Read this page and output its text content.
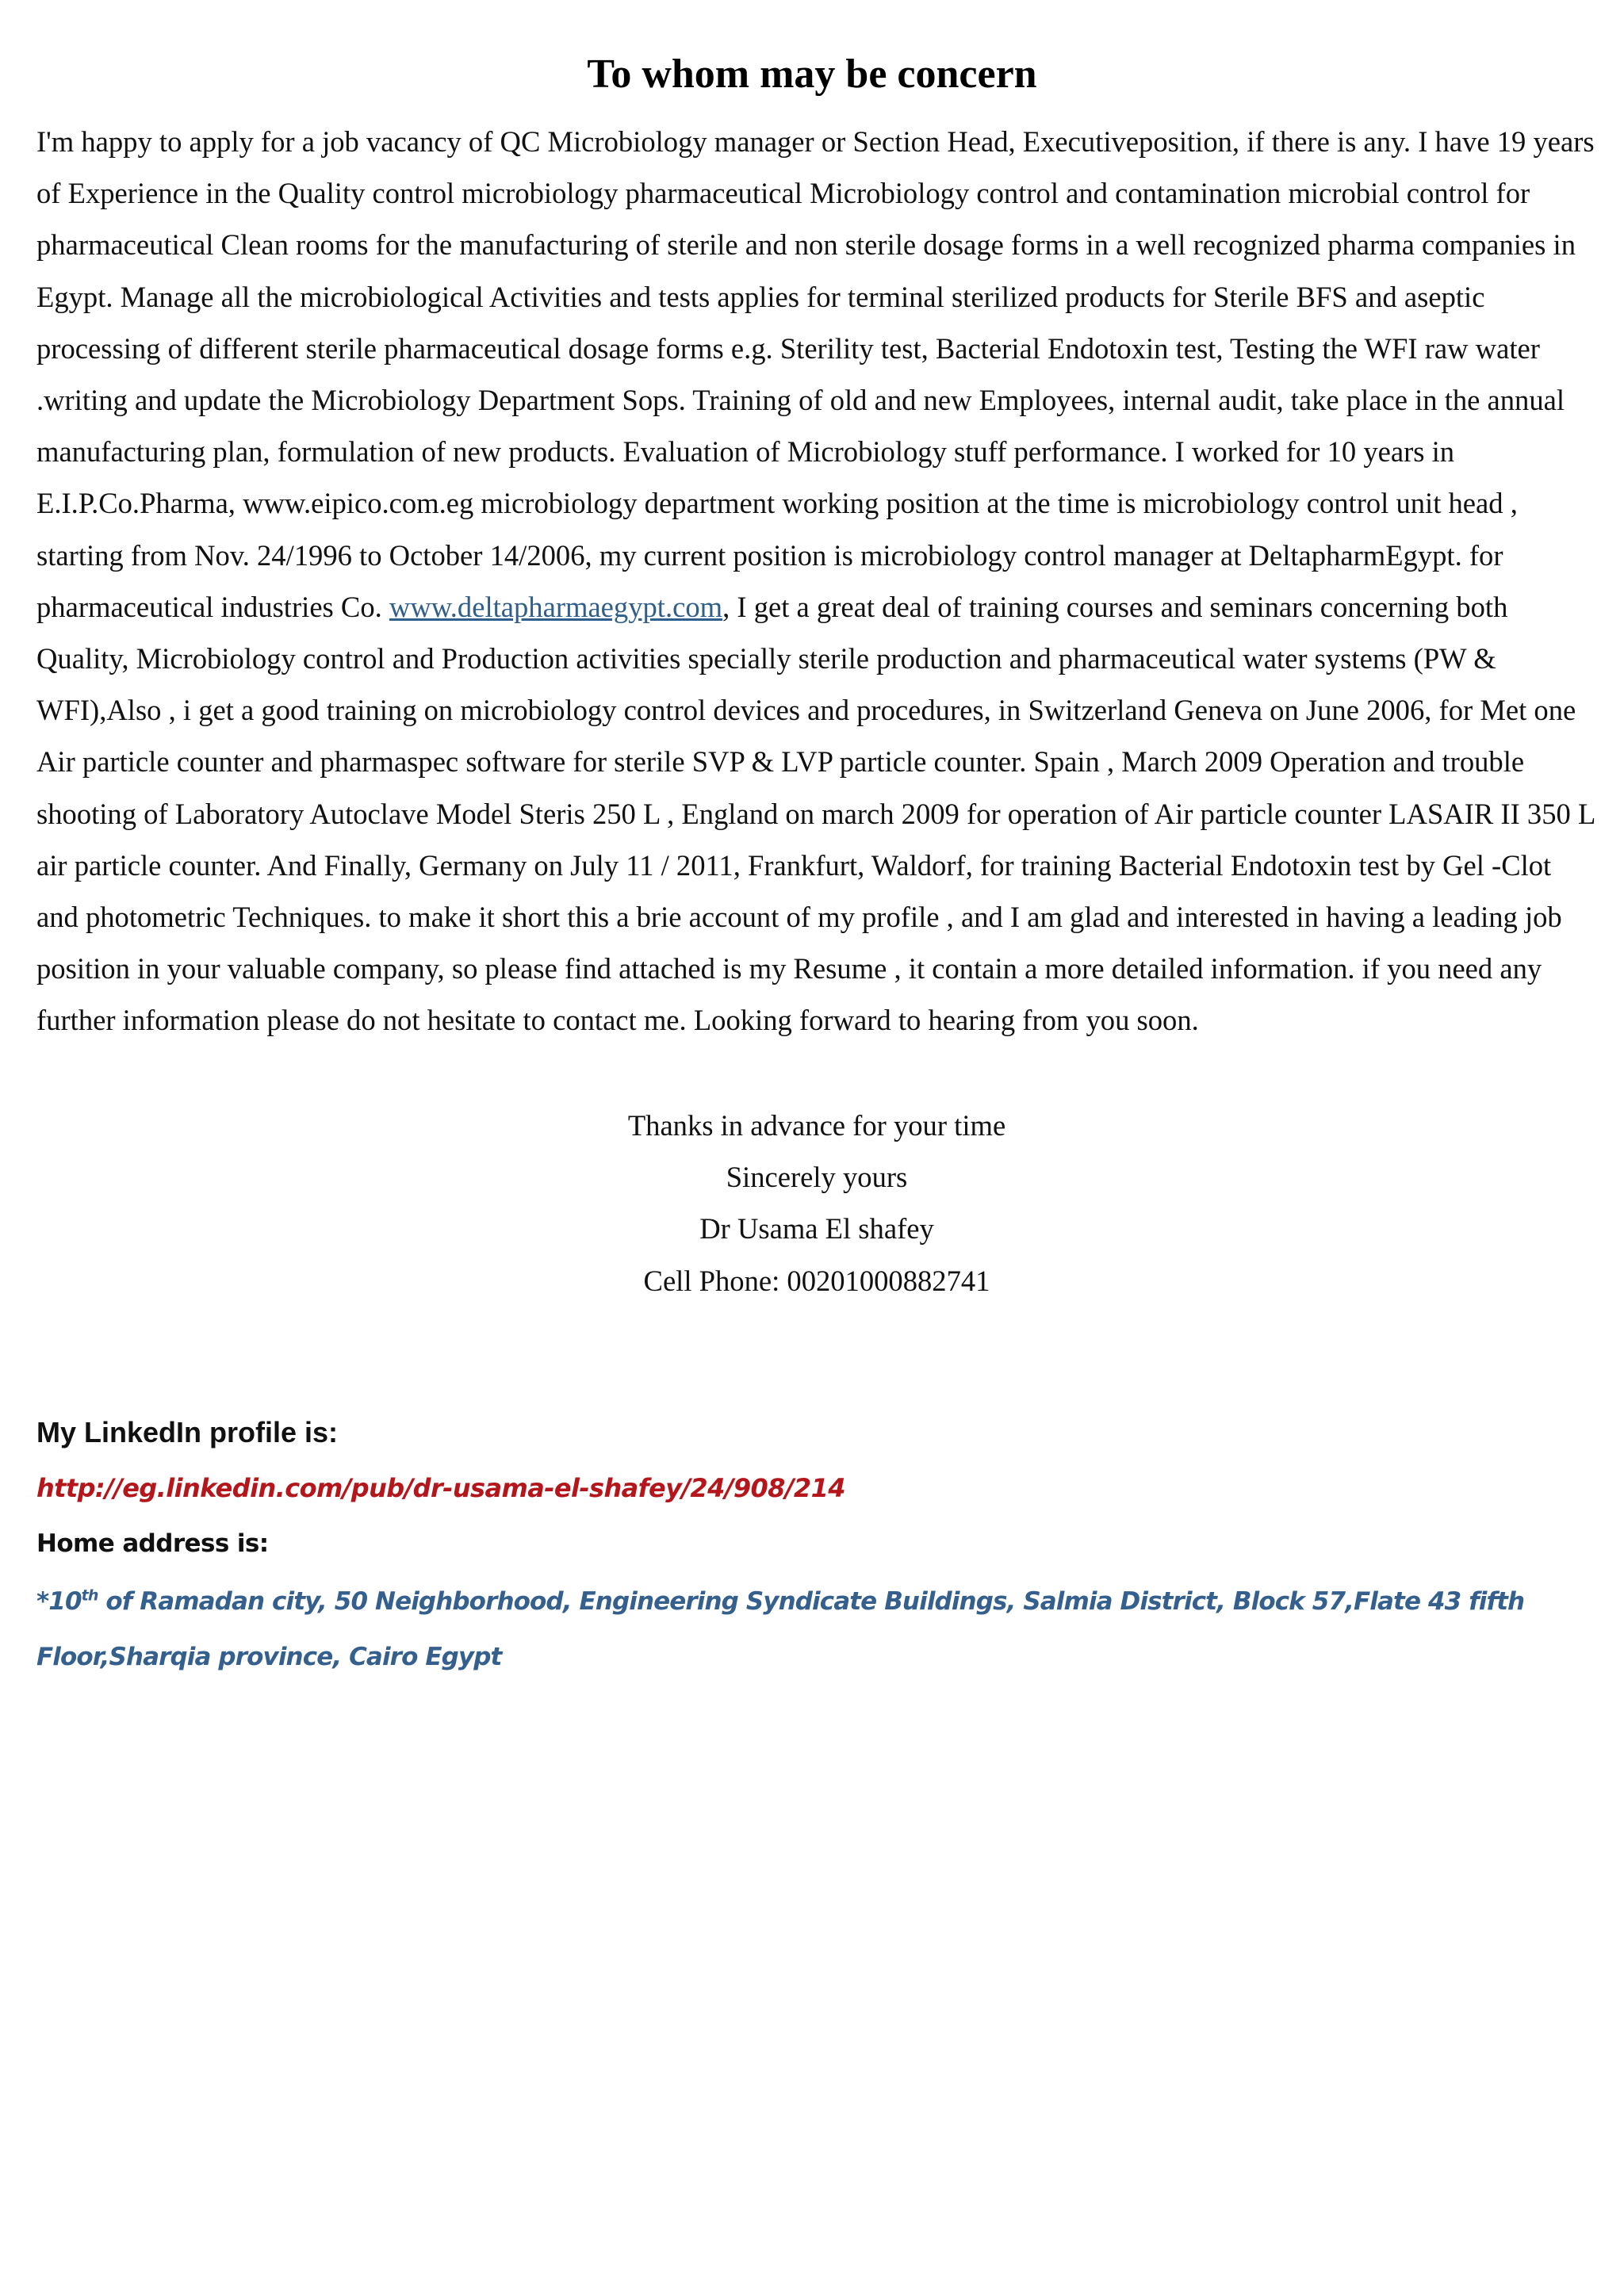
To whom may be concern

I'm happy to apply for a job vacancy of QC Microbiology manager or Section Head, Executiveposition, if there is any. I have 19 years of Experience in the Quality control microbiology pharmaceutical Microbiology control and contamination microbial control for pharmaceutical Clean rooms for the manufacturing of sterile and non sterile dosage forms in a well recognized pharma companies in Egypt. Manage all the microbiological Activities and tests applies for terminal sterilized products for Sterile BFS and aseptic processing of different sterile pharmaceutical dosage forms e.g. Sterility test, Bacterial Endotoxin test, Testing the WFI raw water .writing and update the Microbiology Department Sops. Training of old and new Employees, internal audit, take place in the annual manufacturing plan, formulation of new products. Evaluation of Microbiology stuff performance. I worked for 10 years in E.I.P.Co.Pharma, www.eipico.com.eg microbiology department working position at the time is microbiology control unit head , starting from Nov. 24/1996 to October 14/2006, my current position is microbiology control manager at DeltapharmEgypt. for pharmaceutical industries Co. www.deltapharmaegypt.com, I get a great deal of training courses and seminars concerning both Quality, Microbiology control and Production activities specially sterile production and pharmaceutical water systems (PW & WFI),Also , i get a good training on microbiology control devices and procedures, in Switzerland Geneva on June 2006, for Met one Air particle counter and pharmaspec software for sterile SVP & LVP particle counter. Spain , March 2009 Operation and trouble shooting of Laboratory Autoclave Model Steris 250 L , England on march 2009 for operation of Air particle counter LASAIR II 350 L air particle counter. And Finally, Germany on July 11 / 2011, Frankfurt, Waldorf, for training Bacterial Endotoxin test by Gel -Clot and photometric Techniques. to make it short this a brie account of my profile , and I am glad and interested in having a leading job position in your valuable company, so please find attached is my Resume , it contain a more detailed information. if you need any further information please do not hesitate to contact me. Looking forward to hearing from you soon.

Thanks in advance for your time
Sincerely yours
Dr Usama El shafey
Cell Phone: 00201000882741
My LinkedIn profile is:
http://eg.linkedin.com/pub/dr-usama-el-shafey/24/908/214
Home address is:
*10th of Ramadan city, 50 Neighborhood, Engineering Syndicate Buildings, Salmia District, Block 57,Flate 43 fifth Floor,Sharqia province, Cairo Egypt
